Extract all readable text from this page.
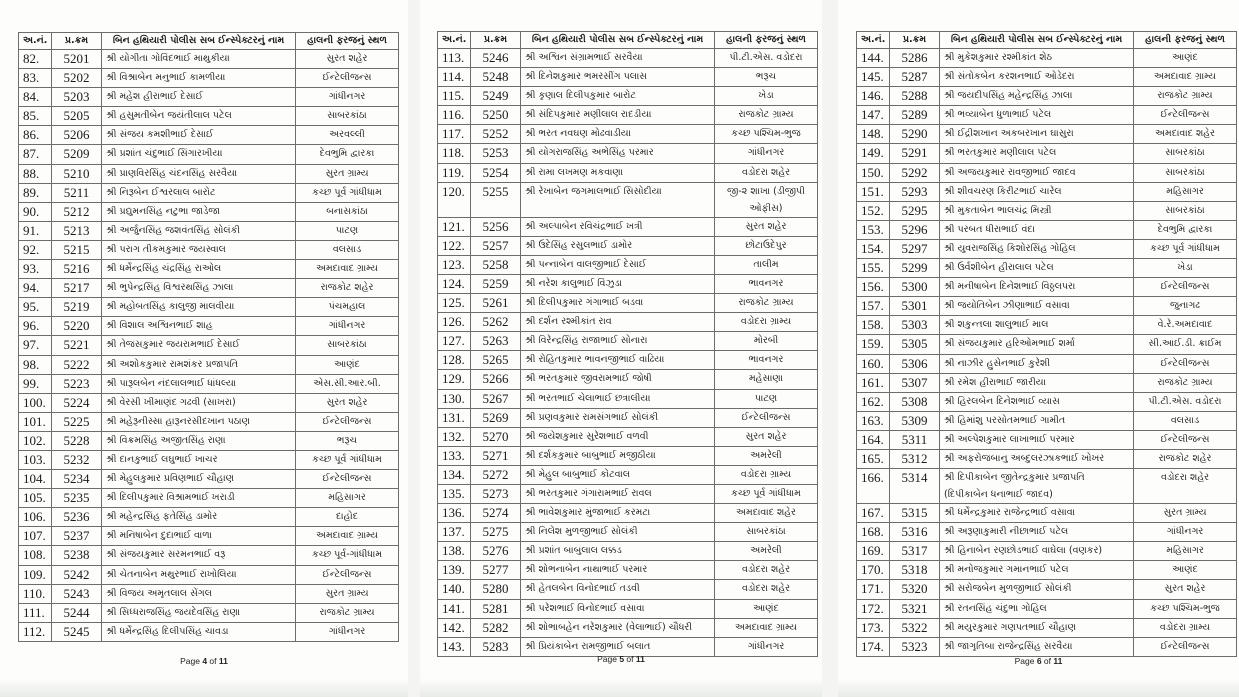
અ.નં.	પ્ર.ક્રમ	બિન હથિયારી પોલીસ સબ ઈન્સ્પેક્ટરનું નામ	હાલની ફરજનું સ્થળ
82.	5201	શ્રી યોગીતા ગોવિંદભાઈ માથુકીયા	સુરત શહેર
83.	5202	શ્રી વિશ્રાબેન મનુભાઈ કામળીયા	ઈન્ટેલીજન્સ
84.	5203	શ્રી મહેશ હીરાભાઈ દેસાઈ	ગાંધીનગર
85.	5205	શ્રી હસુમતીબેન જયંતીલાલ પટેલ	સાબરકાંઠા
86.	5206	શ્રી સંજય કમશીભાઈ દેસાઈ	અરવલ્લી
87.	5209	શ્રી પ્રશાંત ચંદુભાઈ સિંગારખીયા	દેવભુમિ દ્વારકા
88.	5210	શ્રી પ્રાણવિરસિંહ ચંદનસિંહ સરવૈયા	સુરત ગ્રામ્ય
89.	5211	શ્રી નિરૂબેન ઈશ્વરલાલ બારોટ	કચ્છ પૂર્વ ગાંધીધામ
90.	5212	શ્રી પ્રદ્યુમનસિંહ નટુભા જાડેજા	બનાસકાંઠા
91.	5213	શ્રી અર્જુનસિંહ જશવંતસિંહ સોલંકી	પાટણ
92.	5215	શ્રી પરાગ તીકમકુમાર જયસ્વાલ	વલસાડ
93.	5216	શ્રી ધર્મેન્દ્રસિંહ ચંદ્રસિંહ રાઓલ	અમદાવાદ ગ્રામ્ય
94.	5217	શ્રી ભુપેન્દ્રસિંહ વિશ્વરથસિંહ ઝાલા	રાજકોટ શહેર
95.	5219	શ્રી મહોબતસિંહ કાલુજી માલવીયા	પંચમહાલ
96.	5220	શ્રી વિશાલ અશ્વિનભાઈ શાહ	ગાંધીનગર
97.	5221	શ્રી તેજસકુમાર જયરામભાઈ દેસાઈ	સાબરકાંઠા
98.	5222	શ્રી અશોકકુમાર રામશંકર પ્રજાપતિ	આણંદ
99.	5223	શ્રી પારૂલબેન નંદલાલભાઈ ધાંધલ્યા	એસ.સી.આર.બી.
100.	5224	શ્રી વેરસી ખીમાણંદ ગઢવી (સાખરા)	સુરત શહેર
101.	5225	શ્રી મહેરૂનીસ્સા હારૂનરસીદખાન પઠાણ	ઈન્ટેલીજન્સ
102.	5228	શ્રી વિક્રમસિંહ અજીતસિંહ રાણા	ભરૂચ
103.	5232	શ્રી દાનકુભાઈ લઘુભાઈ ખાચર	કચ્છ પૂર્વ ગાંધીધામ
104.	5234	શ્રી મેહુલકુમાર પ્રવિણભાઈ ચૌહાણ	ઈન્ટેલીજન્સ
105.	5235	શ્રી દિલીપકુમાર વિશ્રામભાઈ ખરાડી	મહિસાગર
106.	5236	શ્રી મહેન્દ્રસિંહ ફતેસિંહ ડામોર	દાહોદ
107.	5237	શ્રી મનિષાબેન દુદાભાઈ વાળા	અમદાવાદ ગ્રામ્ય
108.	5238	શ્રી સંજયકુમાર સરમનભાઈ વરૂ	કચ્છ પૂર્વ-ગાંધીધામ
109.	5242	શ્રી ચેતનાબેન મથુરભાઈ રાખોલિયા	ઈન્ટેલીજન્સ
110.	5243	શ્રી વિજય અમૃતલાલ સેંગલ	સુરત ગ્રામ્ય
111.	5244	શ્રી સિધ્ધરાજસિંહ જયદેવસિંહ રાણા	રાજકોટ ગ્રામ્ય
112.	5245	શ્રી ધર્મેન્દ્રસિંહ દિલીપસિંહ ચાવડા	ગાંધીનગર
Page 4 of 11
અ.નં.	પ્ર.ક્રમ	બિન હથિયારી પોલીસ સબ ઈન્સ્પેક્ટરનું નામ	હાલની ફરજનું સ્થળ
113.	5246	શ્રી અશ્વિન સંગ્રામભાઈ સરવૈયા	પી.ટી.એસ. વડોદરા
114.	5248	શ્રી દિનેશકુમાર ભમરસીંગ પલાસ	ભરૂચ
115.	5249	શ્રી કૃણાલ દિલીપકુમાર બારોટ	ખેડા
116.	5250	શ્રી સંદિપકુમાર મણીલાલ રાદડીયા	રાજકોટ ગ્રામ્ય
117.	5252	શ્રી ભરત નવઘણ મોઢવાડીયા	કચ્છ પશ્ચિમ-ભુજ
118.	5253	શ્રી યોગરાજસિંહ અભેસિંહ પરમાર	ગાંધીનગર
119.	5254	શ્રી રામા લખમણ મકવાણા	વડોદરા શહેર
120.	5255	શ્રી રેખાબેન જગમાલભાઈ સિસોદીયા	જી-૨ શાખા (ડીજીપી ઓફીસ)
121.	5256	શ્રી અલ્પાબેન રવિચંદ્રભાઈ ખત્રી	સુરત શહેર
122.	5257	શ્રી ઉદેસિંહ રસુલભાઈ ડામોર	છોટાઉદેપુર
123.	5258	શ્રી પન્નાબેન વાલજીભાઈ દેસાઈ	તાલીમ
124.	5259	શ્રી નરેશ કાલુભાઈ વિંઝુડા	ભાવનગર
125.	5261	શ્રી દિલીપકુમાર ગંગાભાઈ બડવા	રાજકોટ ગ્રામ્ય
126.	5262	શ્રી દર્શન રશ્મીકાંત રાવ	વડોદરા ગ્રામ્ય
127.	5263	શ્રી વિરેન્દ્રસિંહ રાજાભાઈ સોનારા	મોરબી
128.	5265	શ્રી રોહિતકુમાર ભાવનજીભાઈ વાઢિયા	ભાવનગર
129.	5266	શ્રી ભરતકુમાર જીવરામભાઈ જોષી	મહેસાણા
130.	5267	શ્રી ભરતભાઈ ચેલાભાઈ છત્રાલીયા	પાટણ
131.	5269	શ્રી પ્રણવકુમાર રામસંગભાઈ સોલંકી	ઈન્ટેલીજન્સ
132.	5270	શ્રી જયેશકુમાર સુરેશભાઈ વળવી	સુરત શહેર
133.	5271	શ્રી દર્શકકુમાર બાબુભાઈ મજીઠીયા	અમરેલી
134.	5272	શ્રી મેહુલ બાબુભાઈ કોટવાલ	વડોદરા ગ્રામ્ય
135.	5273	શ્રી ભરતકુમાર ગંગારામભાઈ રાવલ	કચ્છ પૂર્વ ગાંધીધામ
136.	5274	શ્રી ભાવેશકુમાર મુંજાભાઈ કરમટા	અમદાવાદ શહેર
137.	5275	શ્રી નિલેશ મુળજીભાઈ સોલંકી	સાબરકાંઠા
138.	5276	શ્રી પ્રશાંત બાબુલાલ લક્કડ	અમરેલી
139.	5277	શ્રી શોભનાબેન નાથાભાઈ પરમાર	વડોદરા શહેર
140.	5280	શ્રી હેતલબેન વિનોદભાઈ તડવી	વડોદરા શહેર
141.	5281	શ્રી પરેશભાઈ વિનોદભાઈ વસાવા	આણંદ
142.	5282	શ્રી શોભાબહેન નરેશકુમાર (વેલાભાઈ) ચૌધરી	અમદાવાદ ગ્રામ્ય
143.	5283	શ્રી પ્રિયંકાબેન રામજીભાઈ બલાત	ગાંધીનગર
Page 5 of 11
અ.નં.	પ્ર.ક્રમ	બિન હથિયારી પોલીસ સબ ઈન્સ્પેક્ટરનું નામ	હાલની ફરજનું સ્થળ
144.	5286	શ્રી મુકેશકુમાર રશ્મીકાંત શેઠ	આણંદ
145.	5287	શ્રી સંતોકબેન કરશનભાઈ ઓડેદરા	અમદાવાદ ગ્રામ્ય
146.	5288	શ્રી જયદીપસિંહ મહેન્દ્રસિંહ ઝાલા	રાજકોટ ગ્રામ્ય
147.	5289	શ્રી ભવ્યાબેન ધુળાભાઈ પટેલ	ઈન્ટેલીજન્સ
148.	5290	શ્રી ઈદ્રીશખાન અકબરખાન ઘાસુરા	અમદાવાદ શહેર
149.	5291	શ્રી ભરતકુમાર મણીલાલ પટેલ	સાબરકાંઠા
150.	5292	શ્રી અજયકુમાર રાવજીભાઈ જાદવ	સાબરકાંઠા
151.	5293	શ્રી શીવચરણ કિરીટભાઈ ચારેલ	મહિસાગર
152.	5295	શ્રી મુકતાબેન ભાલચંદ્ર મિસ્ત્રી	સાબરકાંઠા
153.	5296	શ્રી પરબત ધીરાભાઈ વંદા	દેવભુમિ દ્વારકા
154.	5297	શ્રી યુવરાજસિંહ કિશોરસિંહ ગોહિલ	કચ્છ પૂર્વ ગાંધીધામ
155.	5299	શ્રી ઉર્વશીબેન હીરાલાલ પટેલ	ખેડા
156.	5300	શ્રી મનીષાબેન દિનેશભાઈ વિઠ્ઠલપરા	ઈન્ટેલીજન્સ
157.	5301	શ્રી જયોતિબેન ઝીણાભાઈ વસાવા	જુનાગઢ
158.	5303	શ્રી શકુન્તલા શાલુભાઈ માલ	વે.રે.અમદાવાદ
159.	5305	શ્રી સંજયકુમાર હરિઓમભાઈ શર્મા	સી.આઈ.ડી. ક્રાઈમ
160.	5306	શ્રી નાઝીર હુસેનભાઈ કુરેશી	ઈન્ટેલીજન્સ
161.	5307	શ્રી રમેશ હીરાભાઈ જારીયા	રાજકોટ ગ્રામ્ય
162.	5308	શ્રી હિરલબેન દિનેશભાઈ વ્યાસ	પી.ટી.એસ. વડોદરા
163.	5309	શ્રી હિમાંશુ પરસોતમભાઈ ગામીત	વલસાડ
164.	5311	શ્રી અલ્પેશકુમાર લાખાભાઈ પરમાર	ઈન્ટેલીજન્સ
165.	5312	શ્રી અફરોજબાનુ અબ્દુલરઝાકભાઈ ખોખર	રાજકોટ શહેર
166.	5314	શ્રી દિપીકાબેન જીતેન્દ્રકુમાર પ્રજાપતિ (દિપીકાબેન ધનાભાઈ જાદવ)	વડોદરા શહેર
167.	5315	શ્રી ધર્મેન્દ્રકુમાર રાજેન્દ્રભાઈ વસાવા	સુરત ગ્રામ્ય
168.	5316	શ્રી અરૂણાકુમારી નીછાભાઈ પટેલ	ગાંધીનગર
169.	5317	શ્રી હિનાબેન રણછોડભાઈ વાઘેલા (વણકર)	મહિસાગર
170.	5318	શ્રી મનોજકુમાર ગમાનભાઈ પટેલ	આણંદ
171.	5320	શ્રી સરોજબેન મુળજીભાઈ સોલંકી	સુરત શહેર
172.	5321	શ્રી રતનસિંહ ચંદુભા ગોહિલ	કચ્છ પશ્ચિમ-ભુજ
173.	5322	શ્રી મયુરકુમાર ગણપતભાઈ ચૌહાણ	વડોદરા ગ્રામ્ય
174.	5323	શ્રી જાગૃતિબા રાજેન્દ્રસિંહ સરવૈયા	ઈન્ટેલીજન્સ
Page 6 of 11
